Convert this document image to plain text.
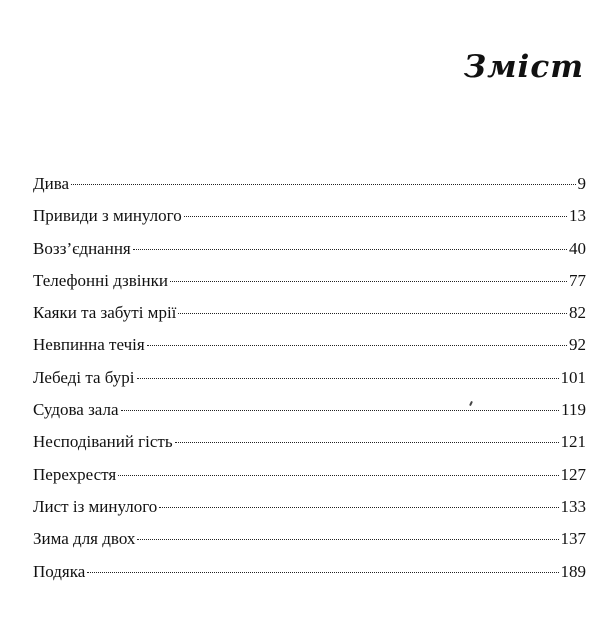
Зміст
Дива	9
Привиди з минулого	13
Возз’єднання	40
Телефонні дзвінки	77
Каяки та забуті мрії	82
Невпинна течія	92
Лебеді та бурі	101
Судова зала	119
Несподіваний гість	121
Перехрестя	127
Лист із минулого	133
Зима для двох	137
Подяка	189
